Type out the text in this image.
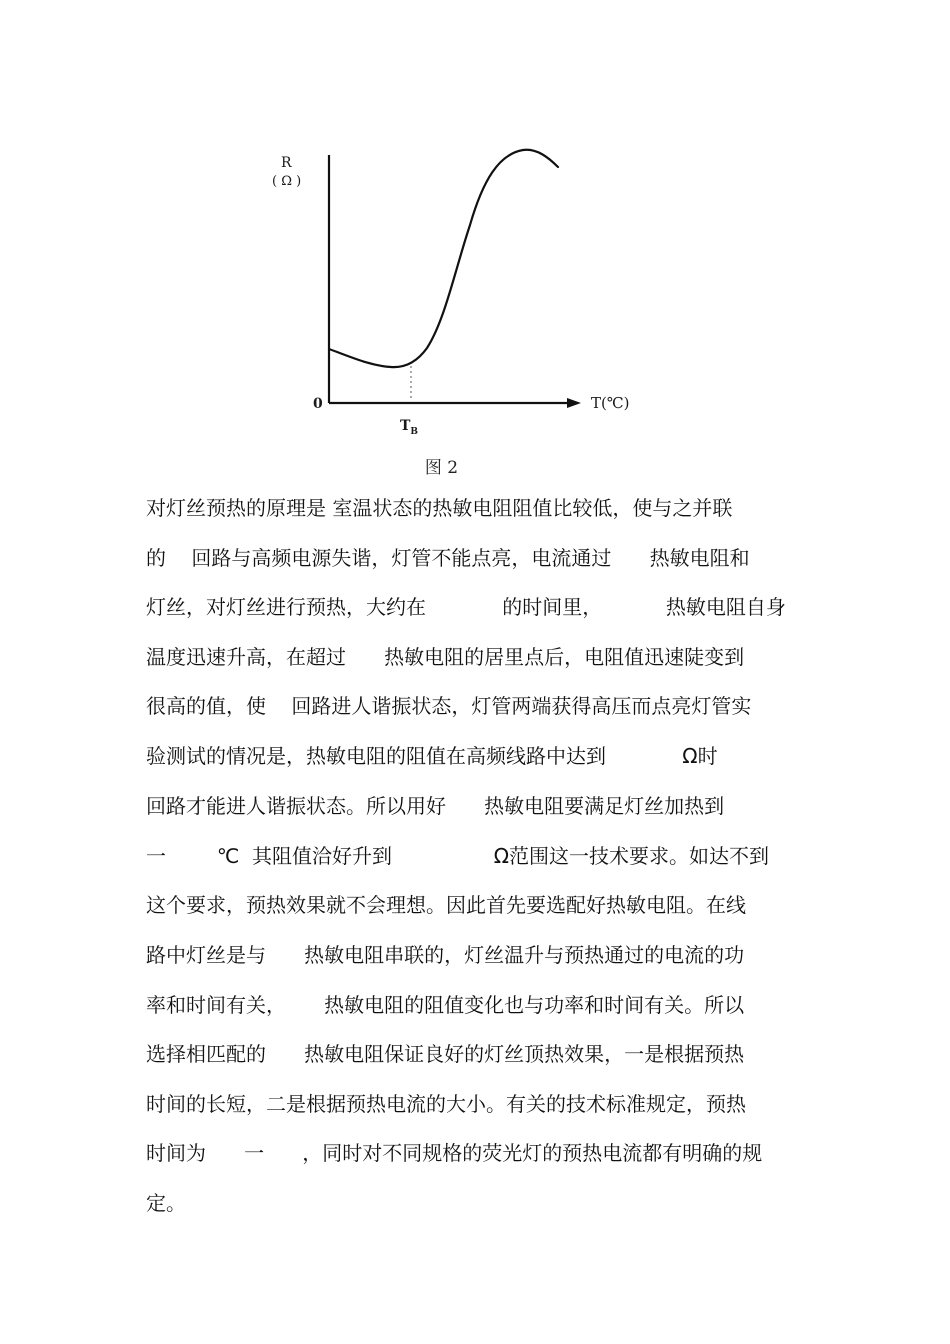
R
( Ω )
0	T(℃)
$T_B$
图 2
对灯丝预热的原理是 室温状态的热敏电阻阻值比较低，使与之并联
的    回路与高频电源失谐，灯管不能点亮，电流通过      热敏电阻和
灯丝，对灯丝进行预热，大约在            的时间里，          热敏电阻自身
温度迅速升高，在超过      热敏电阻的居里点后，电阻值迅速陡变到
很高的值，使    回路进人谐振状态，灯管两端获得高压而点亮灯管实
验测试的情况是，热敏电阻的阻值在高频线路中达到            Ω时
回路才能进人谐振状态。所以用好      热敏电阻要满足灯丝加热到
一        ℃  其阻值洽好升到                Ω范围这一技术要求。如达不到
这个要求，预热效果就不会理想。因此首先要选配好热敏电阻。在线
路中灯丝是与      热敏电阻串联的，灯丝温升与预热通过的电流的功
率和时间有关，      热敏电阻的阻值变化也与功率和时间有关。所以
选择相匹配的      热敏电阻保证良好的灯丝顶热效果，一是根据预热
时间的长短，二是根据预热电流的大小。有关的技术标准规定，预热
时间为      一      ，同时对不同规格的荧光灯的预热电流都有明确的规
定。
